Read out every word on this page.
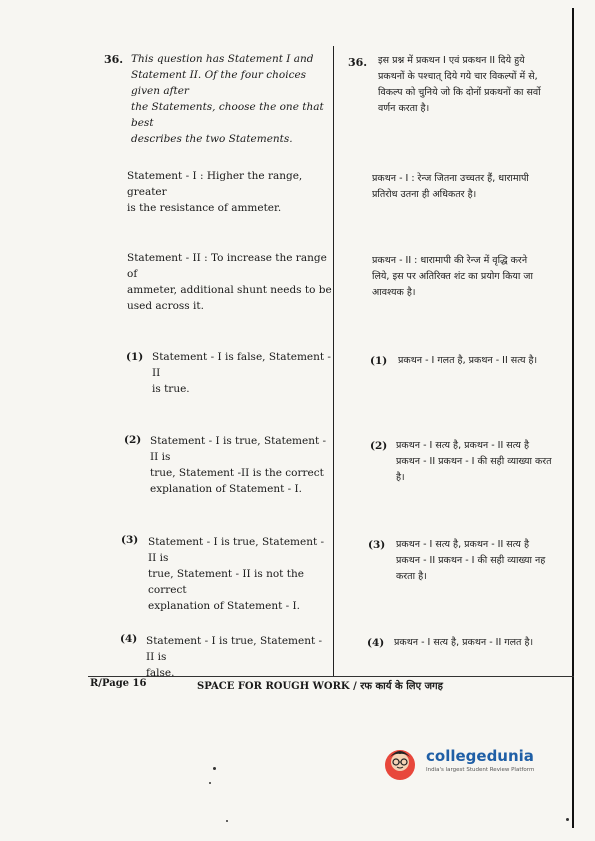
36. This question has Statement I and
Statement II. Of the four choices given after
the Statements, choose the one that best
describes the two Statements.
Statement - I : Higher the range, greater
is the resistance of ammeter.
Statement - II : To increase the range of
ammeter, additional shunt needs to be
used across it.
(1) Statement - I is false, Statement - II
is true.
(2) Statement - I is true, Statement - II is
true, Statement -II is the correct
explanation of Statement - I.
(3) Statement - I is true, Statement - II is
true, Statement - II is not the correct
explanation of Statement - I.
(4) Statement - I is true, Statement - II is
false.
36. इस प्रश्न में प्रकथन I एवं प्रकथन II दिये हुये
प्रकथनों के पश्चात् दिये गये चार विकल्पों में से,
विकल्प को चुनिये जो कि दोनों प्रकथनों का सर्वो
वर्णन करता है।
प्रकथन - I : रेन्ज जितना उच्चतर हैं, धारामापी
प्रतिरोध उतना ही अधिकतर है।
प्रकथन - II : धारामापी की रेन्ज में वृद्धि करने
लिये, इस पर अतिरिक्त शंट का प्रयोग किया जा
आवश्यक है।
(1) प्रकथन - I गलत है, प्रकथन - II सत्य है।
(2) प्रकथन - I सत्य है, प्रकथन - II सत्य है
प्रकथन - II प्रकथन - I की सही व्याख्या करत
है।
(3) प्रकथन - I सत्य है, प्रकथन - II सत्य है
प्रकथन - II प्रकथन - I की सही व्याख्या नह
करता है।
(4) प्रकथन - I सत्य है, प्रकथन - II गलत है।
R/Page 16	SPACE FOR ROUGH WORK / रफ कार्य के लिए जगह
collegedunia
India's largest Student Review Platform
